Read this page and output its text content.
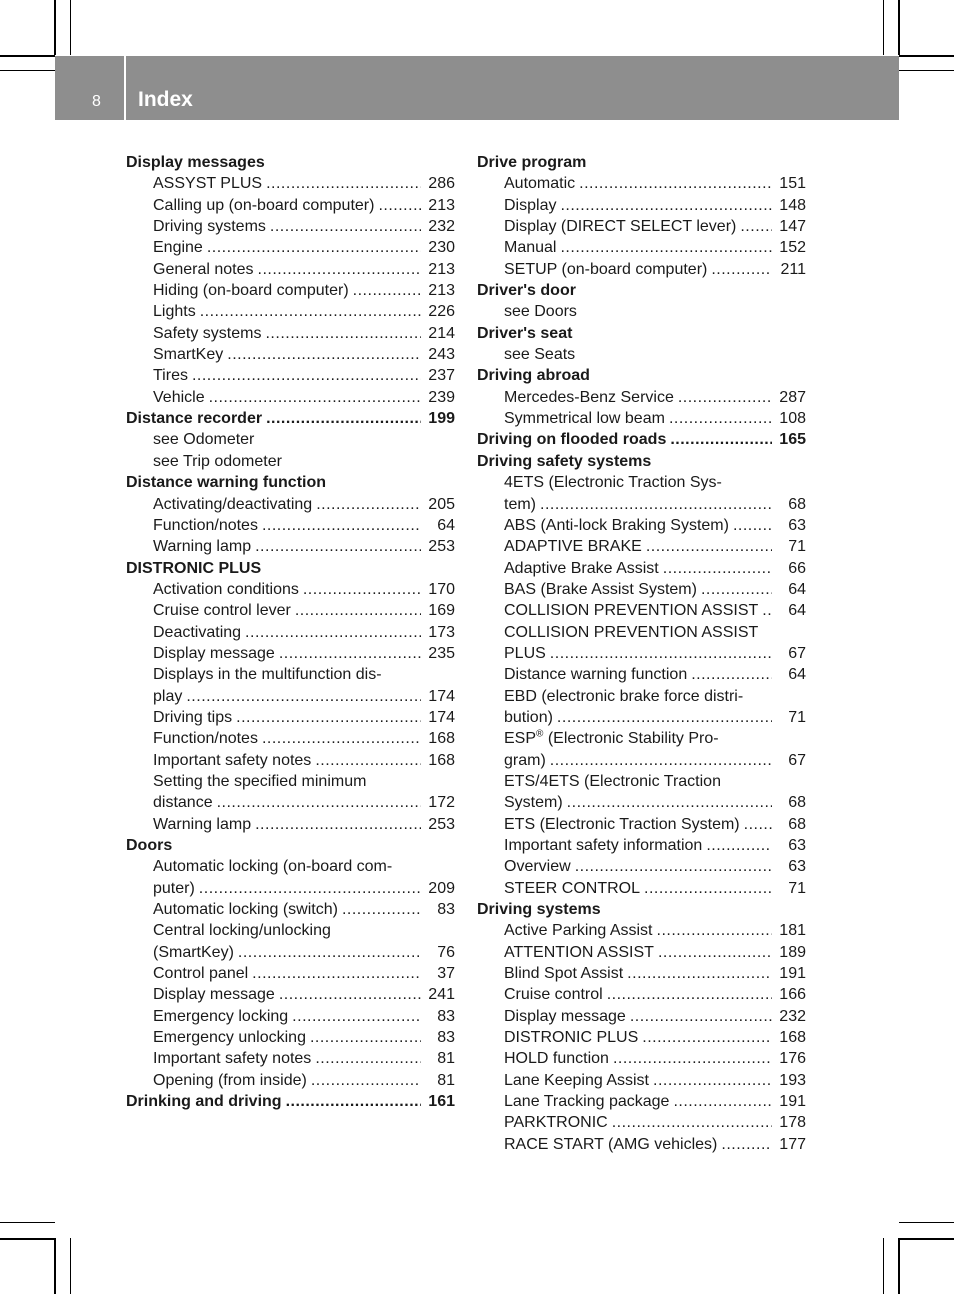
8 Index
Display messages
ASSYST PLUS .....	286
Calling up (on-board computer) .....	213
Driving systems .....	232
Engine .....	230
General notes .....	213
Hiding (on-board computer) .....	213
Lights .....	226
Safety systems .....	214
SmartKey .....	243
Tires .....	237
Vehicle .....	239
Distance recorder .....	199
see Odometer
see Trip odometer
Distance warning function
Activating/deactivating .....	205
Function/notes .....	64
Warning lamp .....	253
DISTRONIC PLUS
Activation conditions .....	170
Cruise control lever .....	169
Deactivating .....	173
Display message .....	235
Displays in the multifunction dis-
play .....	174
Driving tips .....	174
Function/notes .....	168
Important safety notes .....	168
Setting the specified minimum
distance .....	172
Warning lamp .....	253
Doors
Automatic locking (on-board com-
puter) .....	209
Automatic locking (switch) .....	83
Central locking/unlocking
(SmartKey) .....	76
Control panel .....	37
Display message .....	241
Emergency locking .....	83
Emergency unlocking .....	83
Important safety notes .....	81
Opening (from inside) .....	81
Drinking and driving .....	161
Drive program
Automatic .....	151
Display .....	148
Display (DIRECT SELECT lever) .....	147
Manual .....	152
SETUP (on-board computer) .....	211
Driver's door
see Doors
Driver's seat
see Seats
Driving abroad
Mercedes-Benz Service .....	287
Symmetrical low beam .....	108
Driving on flooded roads .....	165
Driving safety systems
4ETS (Electronic Traction Sys-
tem) .....	68
ABS (Anti-lock Braking System) .....	63
ADAPTIVE BRAKE .....	71
Adaptive Brake Assist .....	66
BAS (Brake Assist System) .....	64
COLLISION PREVENTION ASSIST .....	64
COLLISION PREVENTION ASSIST
PLUS .....	67
Distance warning function .....	64
EBD (electronic brake force distri-
bution) .....	71
ESP® (Electronic Stability Pro-
gram) .....	67
ETS/4ETS (Electronic Traction
System) .....	68
ETS (Electronic Traction System) .....	68
Important safety information .....	63
Overview .....	63
STEER CONTROL .....	71
Driving systems
Active Parking Assist .....	181
ATTENTION ASSIST .....	189
Blind Spot Assist .....	191
Cruise control .....	166
Display message .....	232
DISTRONIC PLUS .....	168
HOLD function .....	176
Lane Keeping Assist .....	193
Lane Tracking package .....	191
PARKTRONIC .....	178
RACE START (AMG vehicles) .....	177
